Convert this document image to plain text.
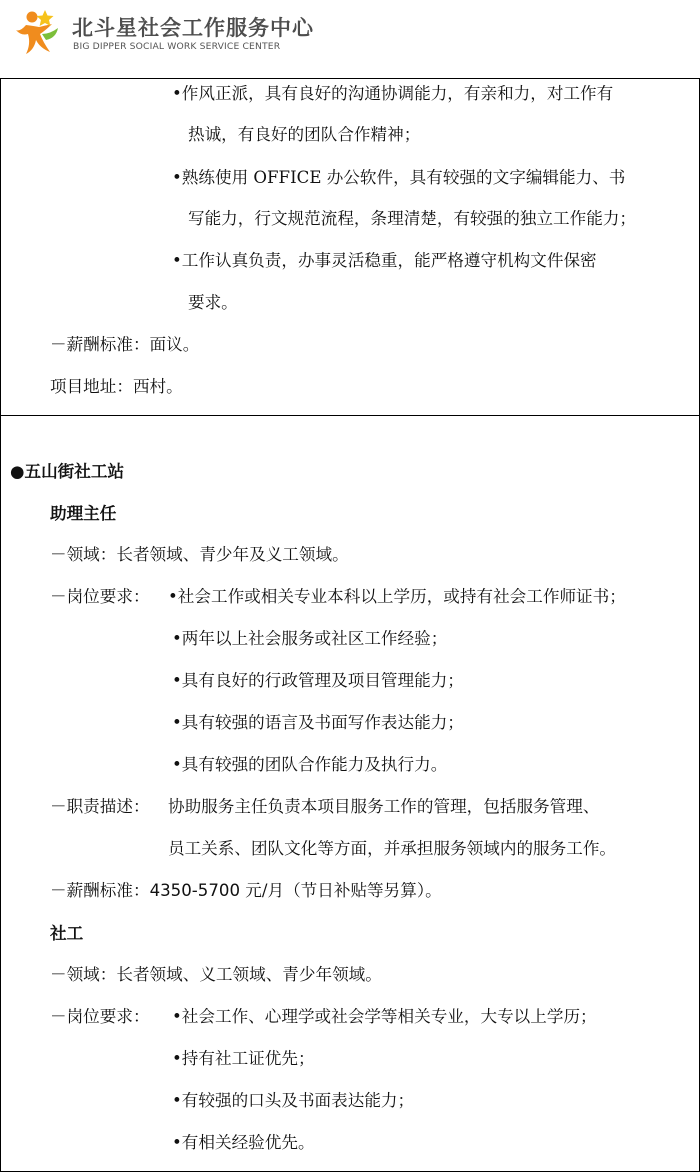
北斗星社会工作服务中心
BIG DIPPER SOCIAL WORK SERVICE CENTER
•作风正派，具有良好的沟通协调能力，有亲和力，对工作有
热诚，有良好的团队合作精神；
•熟练使用 OFFICE 办公软件，具有较强的文字编辑能力、书
写能力，行文规范流程，条理清楚，有较强的独立工作能力；
•工作认真负责，办事灵活稳重，能严格遵守机构文件保密
要求。
－薪酬标准：面议。
项目地址：西村。
●五山街社工站
助理主任
－领域：长者领域、青少年及义工领域。
－岗位要求： •社会工作或相关专业本科以上学历，或持有社会工作师证书；
•两年以上社会服务或社区工作经验；
•具有良好的行政管理及项目管理能力；
•具有较强的语言及书面写作表达能力；
•具有较强的团队合作能力及执行力。
－职责描述： 协助服务主任负责本项目服务工作的管理，包括服务管理、
员工关系、团队文化等方面，并承担服务领域内的服务工作。
－薪酬标准：4350-5700 元/月（节日补贴等另算）。
社工
－领域：长者领域、义工领域、青少年领域。
－岗位要求： •社会工作、心理学或社会学等相关专业，大专以上学历；
•持有社工证优先；
•有较强的口头及书面表达能力；
•有相关经验优先。
